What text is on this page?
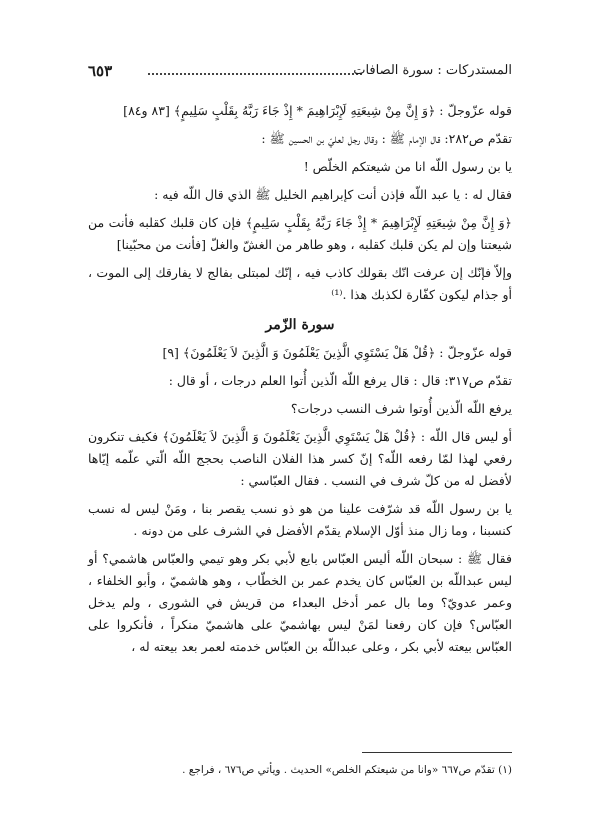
٦٥٣	المستدركات : سورة الصافات

قوله عزّوجلّ : ﴿وَ إِنَّ مِنْ شِيعَتِهِ لَإِبْرَاهِيمَ * إِذْ جَاءَ رَبَّهُ بِقَلْبٍ سَلِيمٍ﴾ [٨٣ و٨٤]

تقدّم ص٢٨٢: قال الإمام ﷺ : وقال رجل لعليّ بن الحسين ﷺ :

يا بن رسول اللّه انا من شيعتكم الخلّص !

فقال له : يا عبد اللّه فإذن أنت كإبراهيم الخليل ﷺ الذي قال اللّه فيه :

﴿وَ إِنَّ مِنْ شِيعَتِهِ لَإِبْرَاهِيمَ * إِذْ جَاءَ رَبَّهُ بِقَلْبٍ سَلِيمٍ﴾ فإن كان قلبك كقلبه فأنت من شيعتنا وإن لم يكن قلبك كقلبه ، وهو طاهر من الغشّ والغلّ [فأنت من محبّينا]

وإلاّ فإنّك إن عرفت انّك بقولك كاذب فيه ، إنّك لمبتلى بفالج لا يفارقك إلى الموت ، أو جذام ليكون كفّارة لكذبك هذا .⁽¹⁾

سورة الزّمر

قوله عزّوجلّ : ﴿قُلْ هَلْ يَسْتَوِي الَّذِينَ يَعْلَمُونَ وَ الَّذِينَ لاَ يَعْلَمُونَ﴾ [٩]

تقدّم ص٣١٧: قال : قال يرفع اللّه الّذين أُتوا العلم درجات ، أو قال :

يرفع اللّه الّذين أُوتوا شرف النسب درجات؟

أو ليس قال اللّه : ﴿قُلْ هَلْ يَسْتَوِي الَّذِينَ يَعْلَمُونَ وَ الَّذِينَ لاَ يَعْلَمُونَ﴾ فكيف تنكرون رفعي لهذا لمّا رفعه اللّه؟ إنّ كسر هذا الفلان الناصب بحجج اللّه الّتي علّمه إيّاها لأفضل له من كلّ شرف في النسب . فقال العبّاسي :

يا بن رسول اللّه قد شرّفت علينا من هو ذو نسب يقصر بنا ، ومَنْ ليس له نسب كنسبنا ، وما زال منذ أوّل الإسلام يقدّم الأفضل في الشرف على من دونه .

فقال ﷺ : سبحان اللّه أليس العبّاس بايع لأبي بكر وهو تيمي والعبّاس هاشمي؟ أو ليس عبداللّه بن العبّاس كان يخدم عمر بن الخطّاب ، وهو هاشميّ ، وأبو الخلفاء ، وعمر عدويّ؟ وما بال عمر أدخل البعداء من قريش في الشورى ، ولم يدخل العبّاس؟ فإن كان رفعنا لمَنْ ليس بهاشميّ على هاشميّ منكراً ، فأنكروا على العبّاس بيعته لأبي بكر ، وعلى عبداللّه بن العبّاس خدمته لعمر بعد بيعته له ،

(١) تقدّم ص٦٦٧ «وانا من شيعتكم الخلص» الحديث . ويأتي ص٦٧٦ ، فراجع .
